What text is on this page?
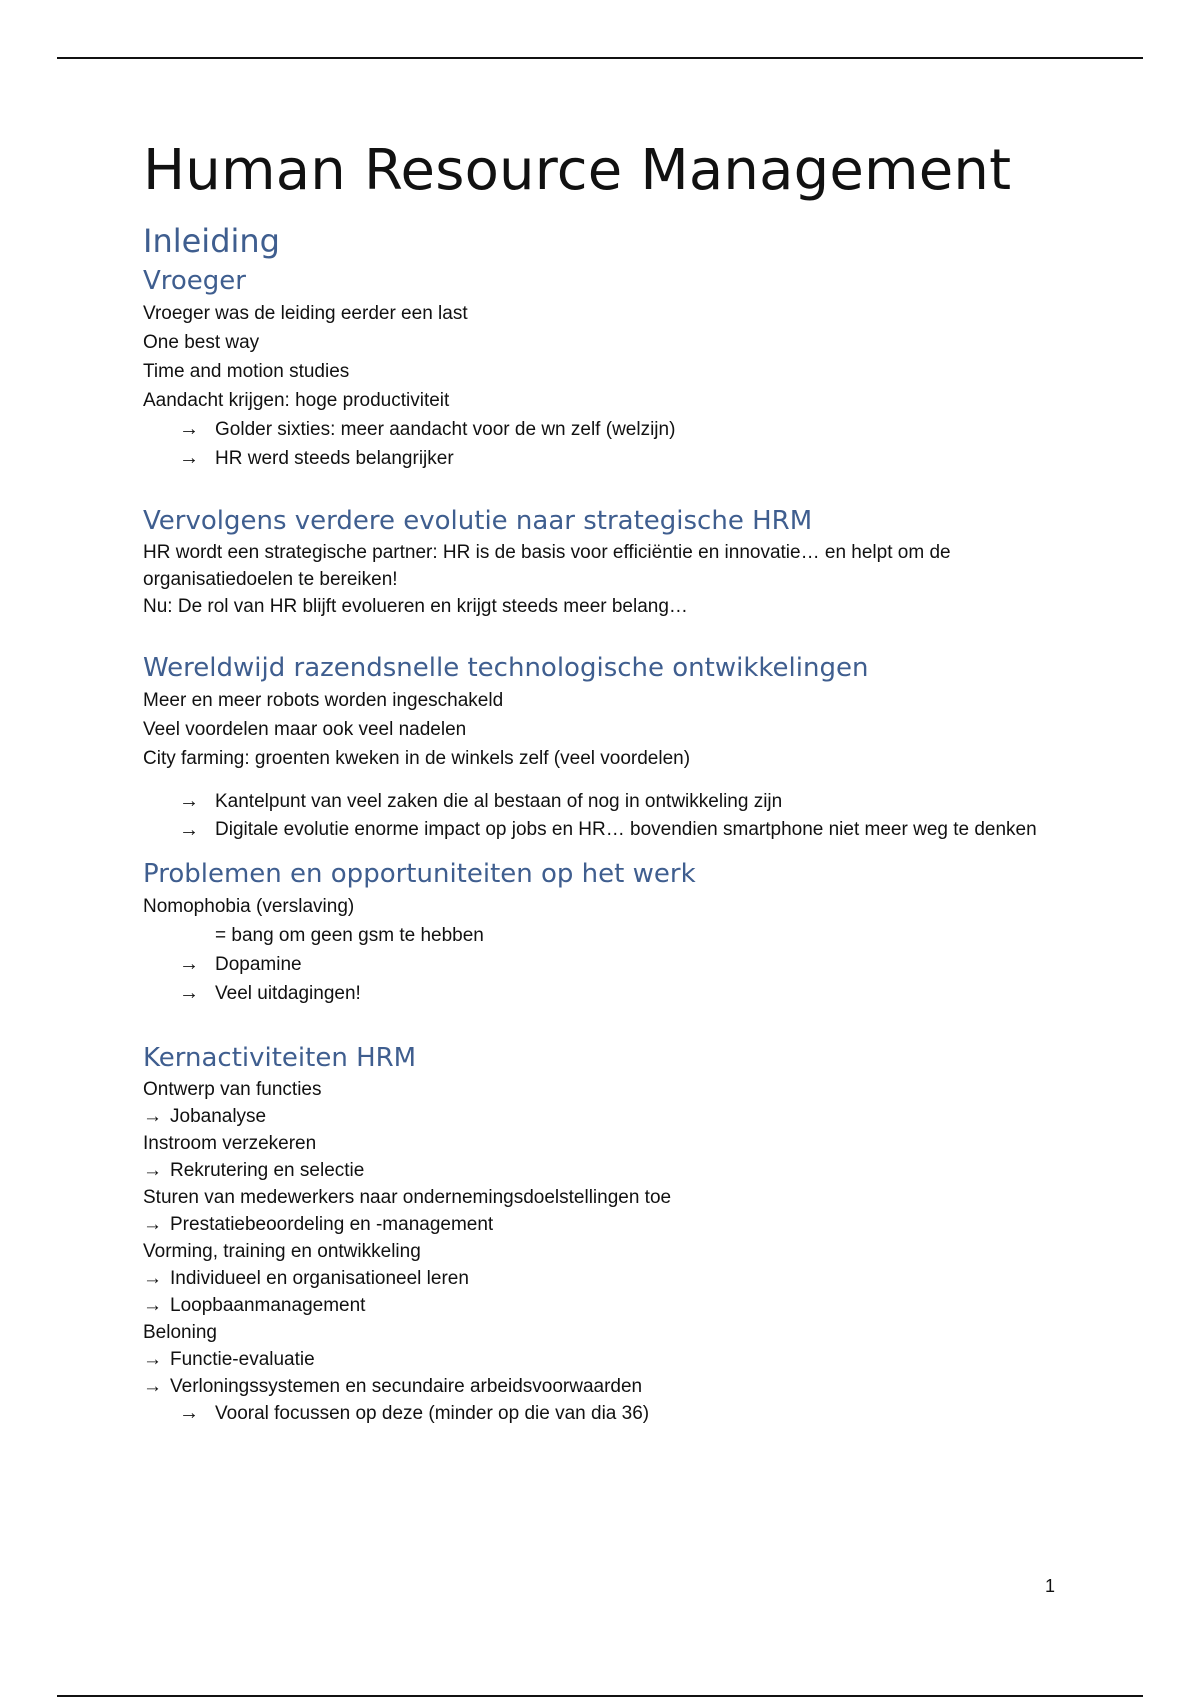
Human Resource Management
Inleiding
Vroeger

Vroeger was de leiding eerder een last

One best way

Time and motion studies

Aandacht krijgen: hoge productiviteit

→ Golder sixties: meer aandacht voor de wn zelf (welzijn)

→ HR werd steeds belangrijker

Vervolgens verdere evolutie naar strategische HRM

HR wordt een strategische partner: HR is de basis voor efficiëntie en innovatie… en helpt om de organisatiedoelen te bereiken!

Nu: De rol van HR blijft evolueren en krijgt steeds meer belang…

Wereldwijd razendsnelle technologische ontwikkelingen

Meer en meer robots worden ingeschakeld

Veel voordelen maar ook veel nadelen

City farming: groenten kweken in de winkels zelf (veel voordelen)

→ Kantelpunt van veel zaken die al bestaan of nog in ontwikkeling zijn

→ Digitale evolutie enorme impact op jobs en HR… bovendien smartphone niet meer weg te denken

Problemen en opportuniteiten op het werk

Nomophobia (verslaving)

= bang om geen gsm te hebben

→ Dopamine

→ Veel uitdagingen!

Kernactiviteiten HRM

Ontwerp van functies

→ Jobanalyse

Instroom verzekeren

→ Rekrutering en selectie

Sturen van medewerkers naar ondernemingsdoelstellingen toe

→ Prestatiebeoordeling en -management

Vorming, training en ontwikkeling

→ Individueel en organisationeel leren

→ Loopbaanmanagement

Beloning

→ Functie-evaluatie

→ Verloningssystemen en secundaire arbeidsvoorwaarden

→ Vooral focussen op deze (minder op die van dia 36)

1
